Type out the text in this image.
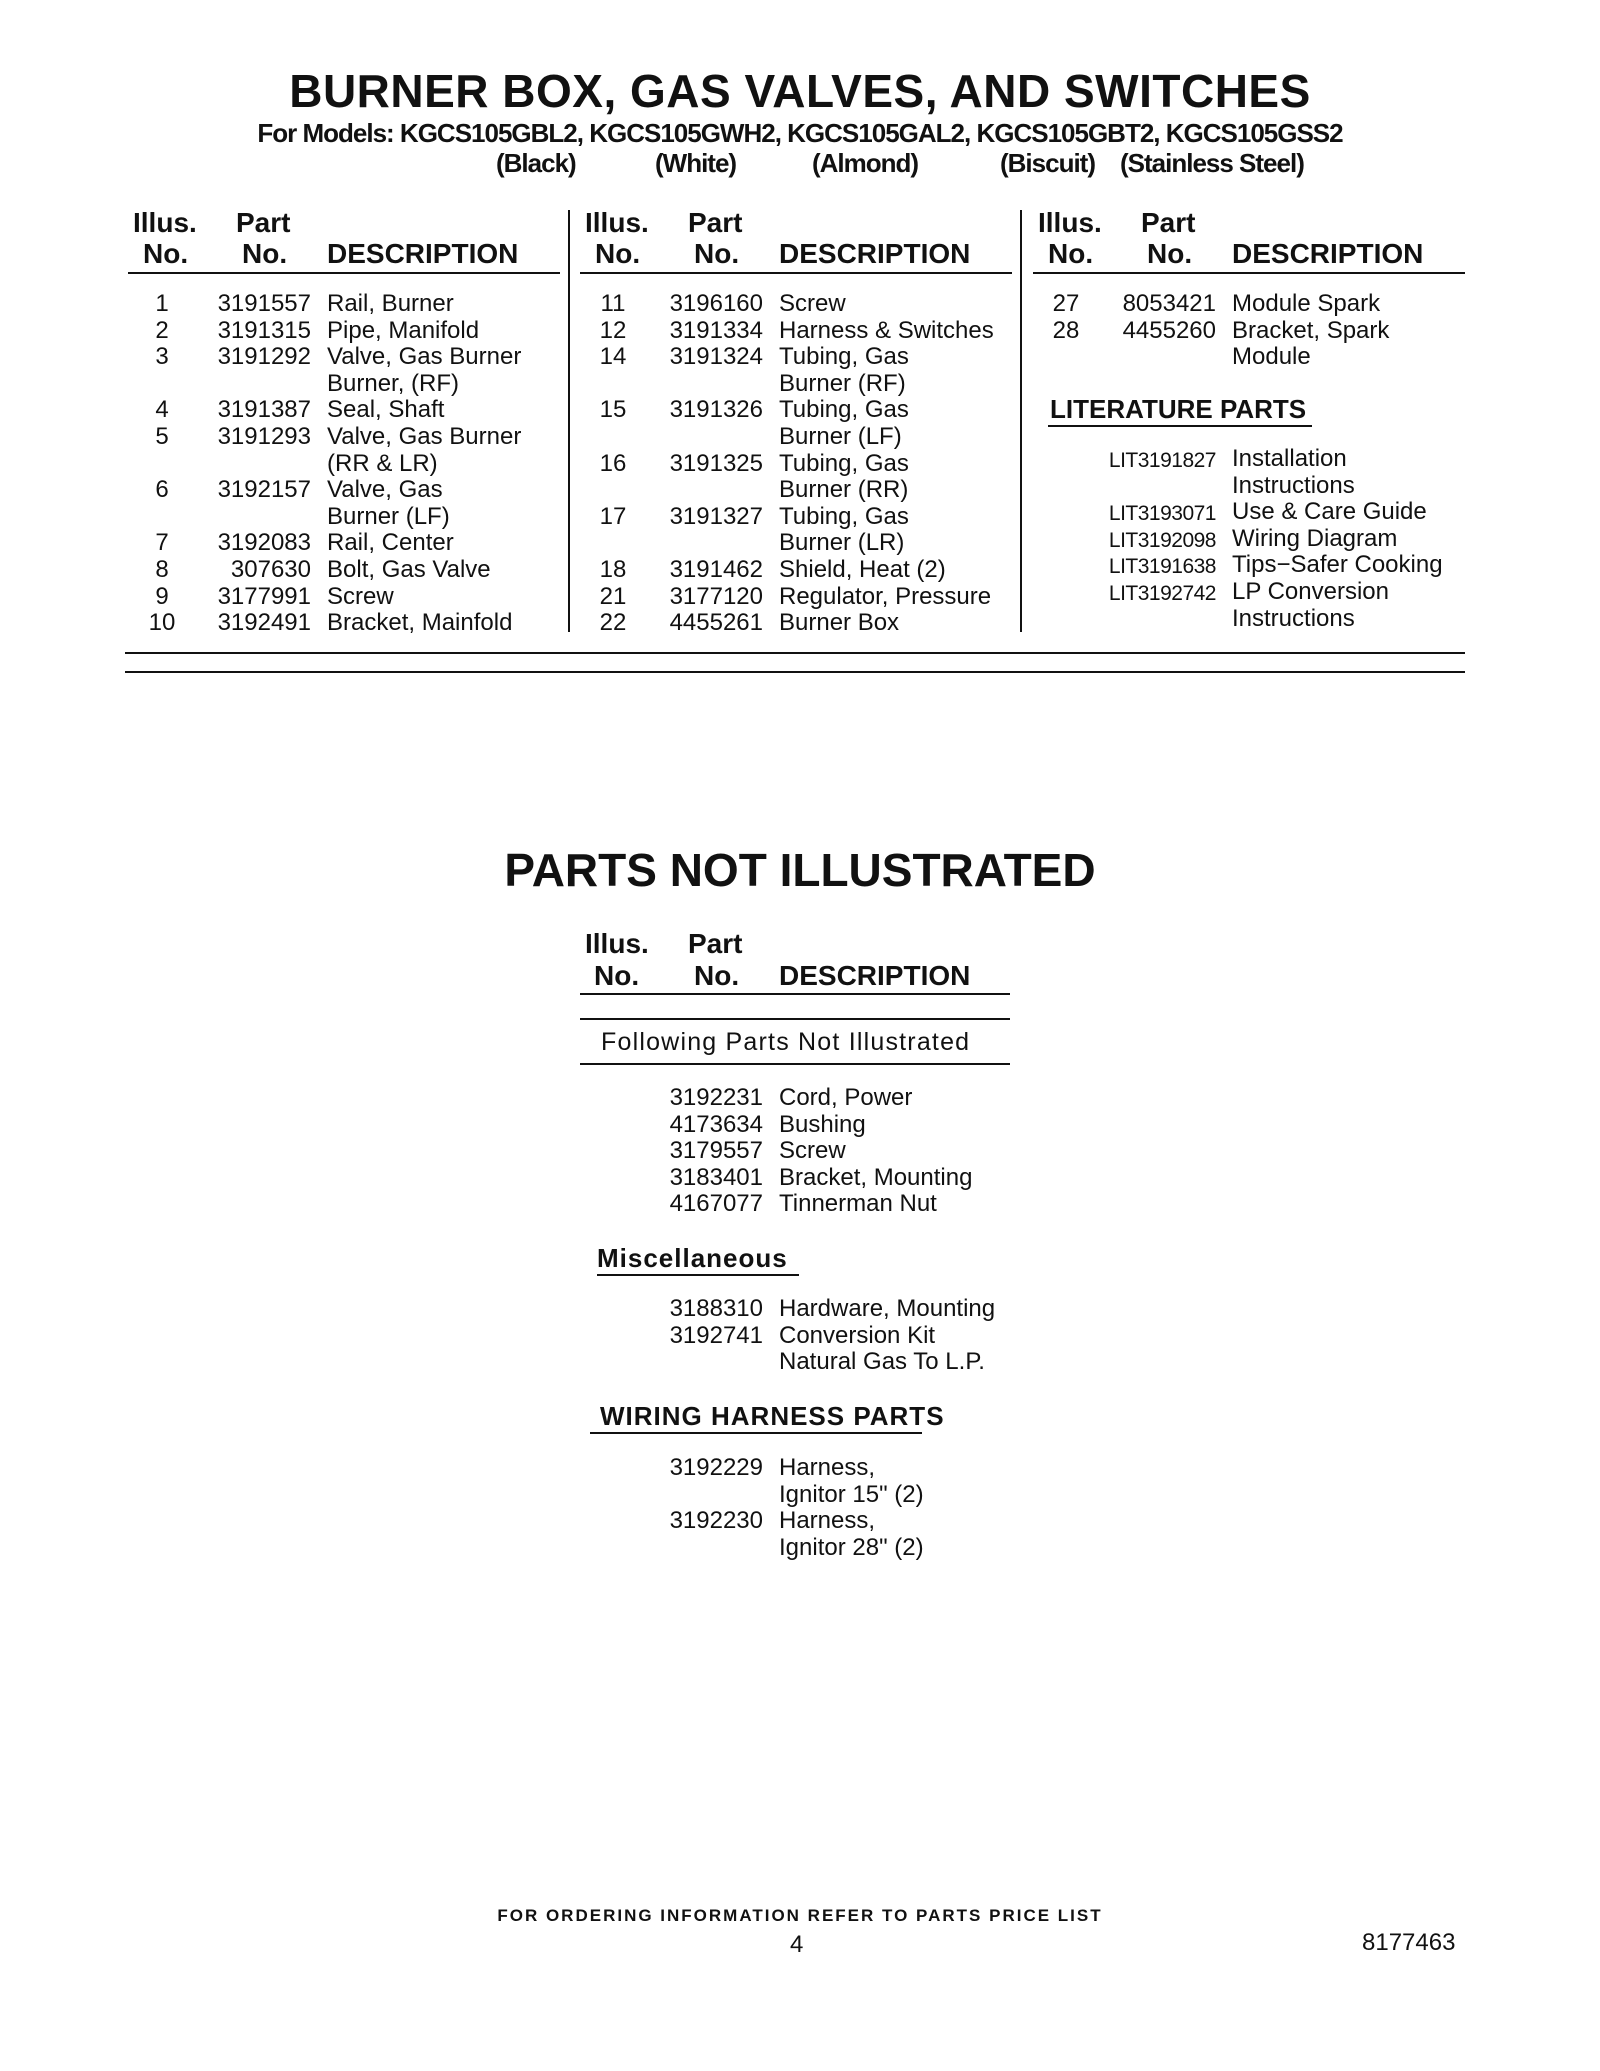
BURNER BOX, GAS VALVES, AND SWITCHES
For Models: KGCS105GBL2, KGCS105GWH2, KGCS105GAL2, KGCS105GBT2, KGCS105GSS2
(Black)	(White)	(Almond)	(Biscuit) (Stainless Steel)
Illus.
No.
Part
No. DESCRIPTION
Illus.
No.
Part
No. DESCRIPTION
Illus.
No.
Part
No. DESCRIPTION
1	3191557 Rail, Burner
2	3191315 Pipe, Manifold
3	3191292 Valve, Gas Burner
Burner, (RF)
4	3191387 Seal, Shaft
5	3191293 Valve, Gas Burner
(RR & LR)
6	3192157 Valve, Gas
Burner (LF)
7	3192083 Rail, Center
8	307630 Bolt, Gas Valve
9	3177991 Screw
10	3192491 Bracket, Mainfold
11	3196160 Screw
12	3191334 Harness & Switches
14	3191324 Tubing, Gas
Burner (RF)
15	3191326 Tubing, Gas
Burner (LF)
16	3191325 Tubing, Gas
Burner (RR)
17	3191327 Tubing, Gas
Burner (LR)
18	3191462 Shield, Heat (2)
21	3177120 Regulator, Pressure
22	4455261 Burner Box
27	8053421 Module Spark
28	4455260 Bracket, Spark
Module
LITERATURE PARTS
LIT3191827 Installation
Instructions
LIT3193071 Use & Care Guide
LIT3192098 Wiring Diagram
LIT3191638 Tips−Safer Cooking
LIT3192742 LP Conversion
Instructions
PARTS NOT ILLUSTRATED
Illus.
No.
Part
No. DESCRIPTION
Following Parts Not Illustrated
3192231 Cord, Power
4173634 Bushing
3179557 Screw
3183401 Bracket, Mounting
4167077 Tinnerman Nut
Miscellaneous
3188310 Hardware, Mounting
3192741 Conversion Kit
Natural Gas To L.P.
WIRING HARNESS PARTS
3192229 Harness,
Ignitor 15" (2)
3192230 Harness,
Ignitor 28" (2)
FOR ORDERING INFORMATION REFER TO PARTS PRICE LIST
4	8177463
